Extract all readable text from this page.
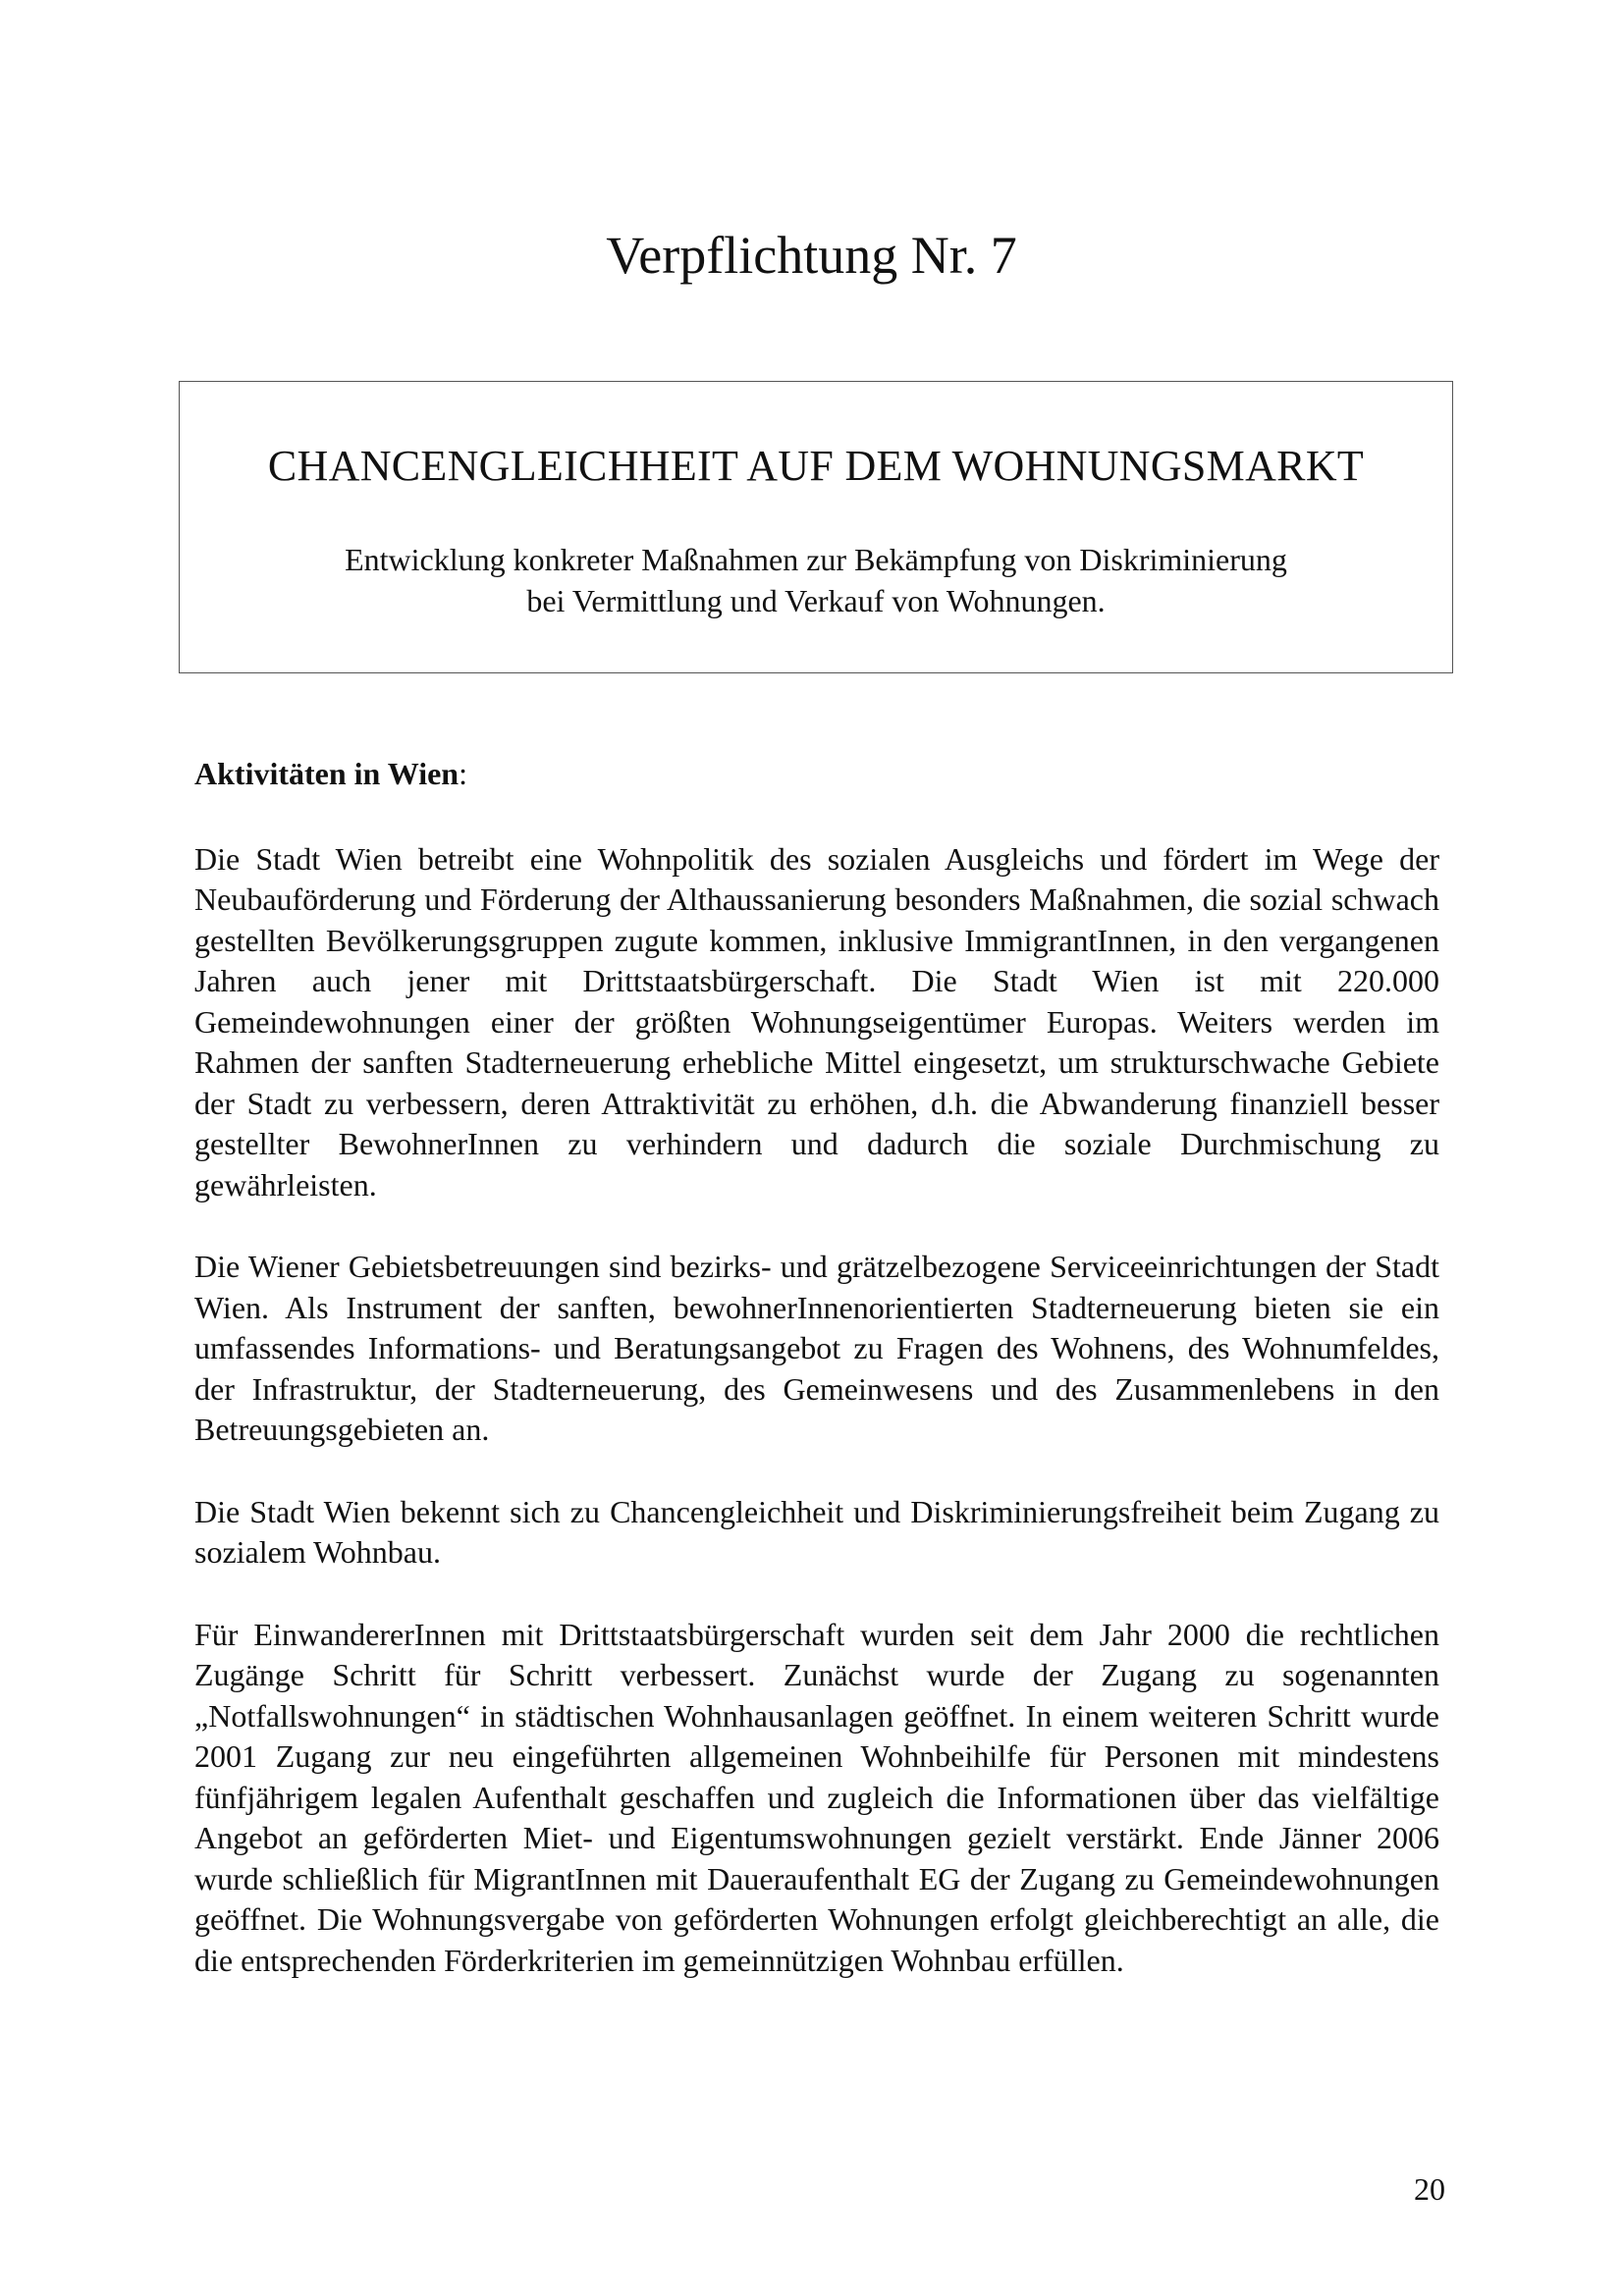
Verpflichtung Nr. 7
CHANCENGLEICHHEIT AUF DEM WOHNUNGSMARKT

Entwicklung konkreter Maßnahmen zur Bekämpfung von Diskriminierung
bei Vermittlung und Verkauf von Wohnungen.

Aktivitäten in Wien:

Die Stadt Wien betreibt eine Wohnpolitik des sozialen Ausgleichs und fördert im Wege der Neubauförderung und Förderung der Althaussanierung besonders Maßnahmen, die sozial schwach gestellten Bevölkerungsgruppen zugute kommen, inklusive ImmigrantInnen, in den vergangenen Jahren auch jener mit Drittstaatsbürgerschaft. Die Stadt Wien ist mit 220.000 Gemeindewohnungen einer der größten Wohnungseigentümer Europas. Weiters werden im Rahmen der sanften Stadterneuerung erhebliche Mittel eingesetzt, um strukturschwache Gebiete der Stadt zu verbessern, deren Attraktivität zu erhöhen, d.h. die Abwanderung finanziell besser gestellter BewohnerInnen zu verhindern und dadurch die soziale Durchmischung zu gewährleisten.

Die Wiener Gebietsbetreuungen sind bezirks- und grätzelbezogene Serviceeinrichtungen der Stadt Wien. Als Instrument der sanften, bewohnerInnenorientierten Stadterneuerung bieten sie ein umfassendes Informations- und Beratungsangebot zu Fragen des Wohnens, des Wohnumfeldes, der Infrastruktur, der Stadterneuerung, des Gemeinwesens und des Zusammenlebens in den Betreuungsgebieten an.

Die Stadt Wien bekennt sich zu Chancengleichheit und Diskriminierungsfreiheit beim Zugang zu sozialem Wohnbau.

Für EinwandererInnen mit Drittstaatsbürgerschaft wurden seit dem Jahr 2000 die rechtlichen Zugänge Schritt für Schritt verbessert. Zunächst wurde der Zugang zu sogenannten „Notfallswohnungen“ in städtischen Wohnhausanlagen geöffnet. In einem weiteren Schritt wurde 2001 Zugang zur neu eingeführten allgemeinen Wohnbeihilfe für Personen mit mindestens fünfjährigem legalen Aufenthalt geschaffen und zugleich die Informationen über das vielfältige Angebot an geförderten Miet- und Eigentumswohnungen gezielt verstärkt. Ende Jänner 2006 wurde schließlich für MigrantInnen mit Daueraufenthalt EG der Zugang zu Gemeindewohnungen geöffnet. Die Wohnungsvergabe von geförderten Wohnungen erfolgt gleichberechtigt an alle, die die entsprechenden Förderkriterien im gemeinnützigen Wohnbau erfüllen.

20
